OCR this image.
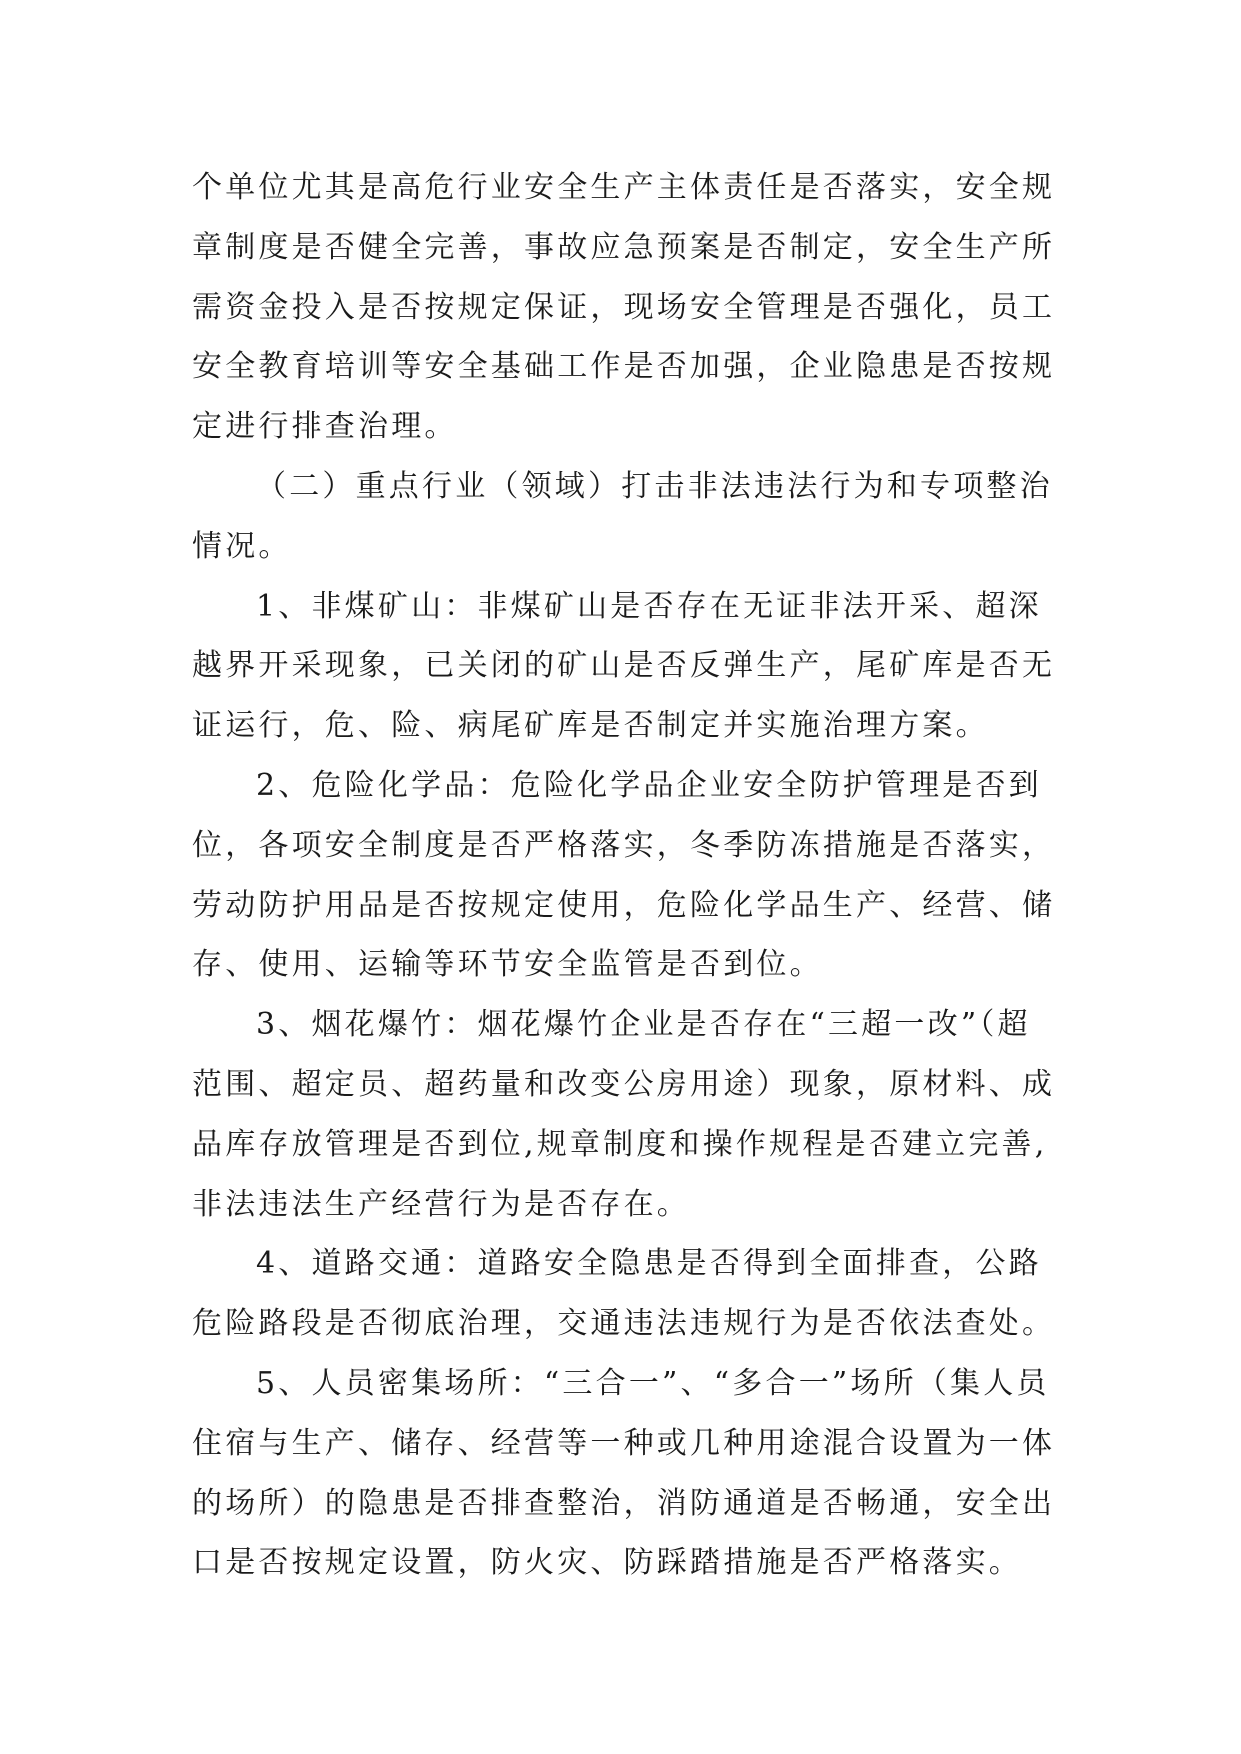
个单位尤其是高危行业安全生产主体责任是否落实，安全规
章制度是否健全完善，事故应急预案是否制定，安全生产所
需资金投入是否按规定保证，现场安全管理是否强化，员工
安全教育培训等安全基础工作是否加强，企业隐患是否按规
定进行排查治理。
（二）重点行业（领域）打击非法违法行为和专项整治
情况。
1、非煤矿山：非煤矿山是否存在无证非法开采、超深
越界开采现象，已关闭的矿山是否反弹生产，尾矿库是否无
证运行，危、险、病尾矿库是否制定并实施治理方案。
2、危险化学品：危险化学品企业安全防护管理是否到
位，各项安全制度是否严格落实，冬季防冻措施是否落实，
劳动防护用品是否按规定使用，危险化学品生产、经营、储
存、使用、运输等环节安全监管是否到位。
3、烟花爆竹：烟花爆竹企业是否存在“三超一改”（超
范围、超定员、超药量和改变公房用途）现象，原材料、成
品库存放管理是否到位,规章制度和操作规程是否建立完善,
非法违法生产经营行为是否存在。
4、道路交通：道路安全隐患是否得到全面排查，公路
危险路段是否彻底治理，交通违法违规行为是否依法查处。
5、人员密集场所：“三合一”、“多合一”场所（集人员
住宿与生产、储存、经营等一种或几种用途混合设置为一体
的场所）的隐患是否排查整治，消防通道是否畅通，安全出
口是否按规定设置，防火灾、防踩踏措施是否严格落实。
